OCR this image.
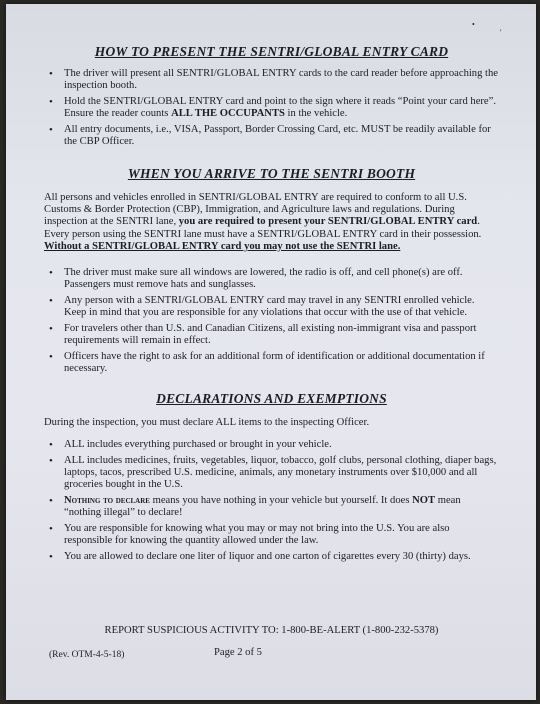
•
'
HOW TO PRESENT THE SENTRI/GLOBAL ENTRY CARD
• The driver will present all SENTRI/GLOBAL ENTRY cards to the card reader before approaching the inspection booth.
• Hold the SENTRI/GLOBAL ENTRY card and point to the sign where it reads “Point your card here”. Ensure the reader counts ALL THE OCCUPANTS in the vehicle.
• All entry documents, i.e., VISA, Passport, Border Crossing Card, etc. MUST be readily available for the CBP Officer.
WHEN YOU ARRIVE TO THE SENTRI BOOTH

All persons and vehicles enrolled in SENTRI/GLOBAL ENTRY are required to conform to all U.S. Customs & Border Protection (CBP), Immigration, and Agriculture laws and regulations. During inspection at the SENTRI lane, you are required to present your SENTRI/GLOBAL ENTRY card. Every person using the SENTRI lane must have a SENTRI/GLOBAL ENTRY card in their possession. Without a SENTRI/GLOBAL ENTRY card you may not use the SENTRI lane.

• The driver must make sure all windows are lowered, the radio is off, and cell phone(s) are off. Passengers must remove hats and sunglasses.
• Any person with a SENTRI/GLOBAL ENTRY card may travel in any SENTRI enrolled vehicle. Keep in mind that you are responsible for any violations that occur with the use of that vehicle.
• For travelers other than U.S. and Canadian Citizens, all existing non-immigrant visa and passport requirements will remain in effect.
• Officers have the right to ask for an additional form of identification or additional documentation if necessary.
DECLARATIONS AND EXEMPTIONS

During the inspection, you must declare ALL items to the inspecting Officer.

• ALL includes everything purchased or brought in your vehicle.
• ALL includes medicines, fruits, vegetables, liquor, tobacco, golf clubs, personal clothing, diaper bags, laptops, tacos, prescribed U.S. medicine, animals, any monetary instruments over $10,000 and all groceries bought in the U.S.
• Nothing to declare means you have nothing in your vehicle but yourself. It does NOT mean “nothing illegal” to declare!
• You are responsible for knowing what you may or may not bring into the U.S. You are also responsible for knowing the quantity allowed under the law.
• You are allowed to declare one liter of liquor and one carton of cigarettes every 30 (thirty) days.
REPORT SUSPICIOUS ACTIVITY TO: 1-800-BE-ALERT (1-800-232-5378)
(Rev. OTM-4-5-18)	Page 2 of 5
